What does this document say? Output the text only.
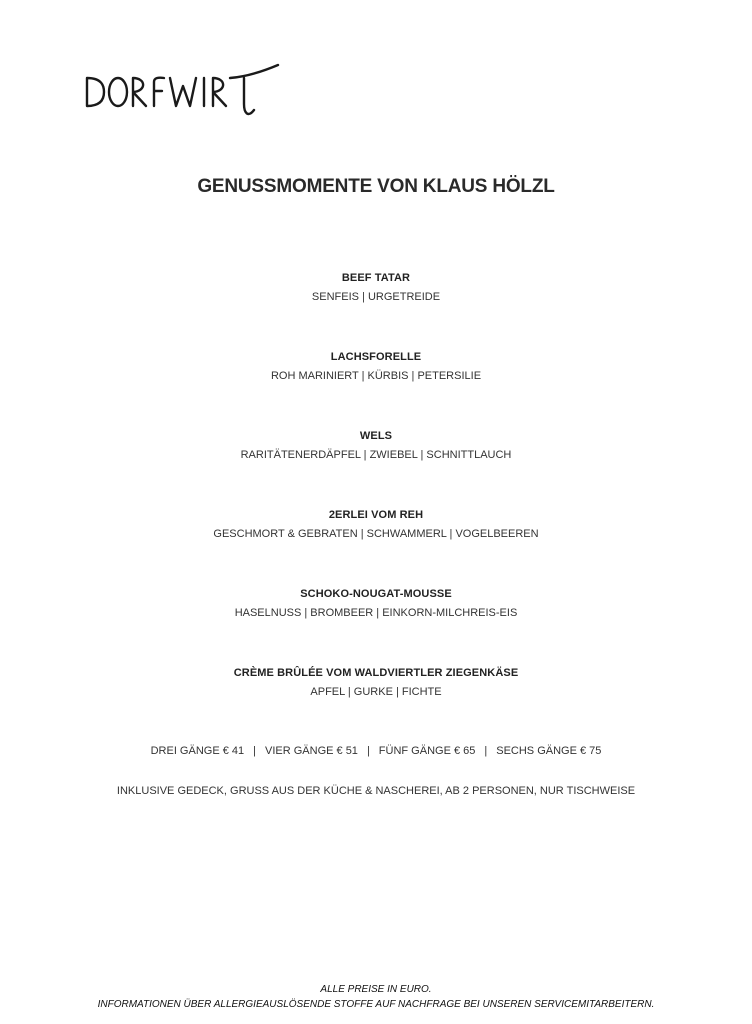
GENUSSMOMENTE VON KLAUS HÖLZL
BEEF TATAR
SENFEIS | URGETREIDE
LACHSFORELLE
ROH MARINIERT | KÜRBIS | PETERSILIE
WELS
RARITÄTENERDÄPFEL | ZWIEBEL | SCHNITTLAUCH
2ERLEI VOM REH
GESCHMORT & GEBRATEN | SCHWAMMERL | VOGELBEEREN
SCHOKO-NOUGAT-MOUSSE
HASELNUSS | BROMBEER | EINKORN-MILCHREIS-EIS
CRÈME BRÛLÉE VOM WALDVIERTLER ZIEGENKÄSE
APFEL | GURKE | FICHTE
DREI GÄNGE € 41 | VIER GÄNGE € 51 | FÜNF GÄNGE € 65 | SECHS GÄNGE € 75
INKLUSIVE GEDECK, GRUSS AUS DER KÜCHE & NASCHEREI, AB 2 PERSONEN, NUR TISCHWEISE
ALLE PREISE IN EURO.
INFORMATIONEN ÜBER ALLERGIEAUSLÖSENDE STOFFE AUF NACHFRAGE BEI UNSEREN SERVICEMITARBEITERN.
